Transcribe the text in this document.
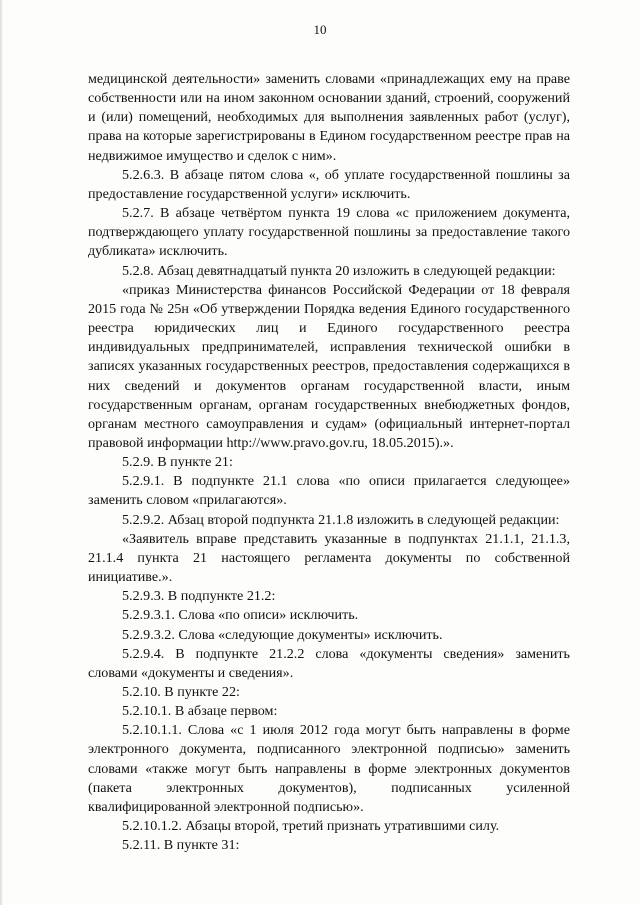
10

медицинской деятельности» заменить словами «принадлежащих ему на праве собственности или на ином законном основании зданий, строений, сооружений и (или) помещений, необходимых для выполнения заявленных работ (услуг), права на которые зарегистрированы в Едином государственном реестре прав на недвижимое имущество и сделок с ним».

5.2.6.3. В абзаце пятом слова «, об уплате государственной пошлины за предоставление государственной услуги» исключить.

5.2.7. В абзаце четвёртом пункта 19 слова «с приложением документа, подтверждающего уплату государственной пошлины за предоставление такого дубликата» исключить.

5.2.8. Абзац девятнадцатый пункта 20 изложить в следующей редакции:

«приказ Министерства финансов Российской Федерации от 18 февраля 2015 года № 25н «Об утверждении Порядка ведения Единого государственного реестра юридических лиц и Единого государственного реестра индивидуальных предпринимателей, исправления технической ошибки в записях указанных государственных реестров, предоставления содержащихся в них сведений и документов органам государственной власти, иным государственным органам, органам государственных внебюджетных фондов, органам местного самоуправления и судам» (официальный интернет-портал правовой информации http://www.pravo.gov.ru, 18.05.2015).».

5.2.9. В пункте 21:

5.2.9.1. В подпункте 21.1 слова «по описи прилагается следующее» заменить словом «прилагаются».

5.2.9.2. Абзац второй подпункта 21.1.8 изложить в следующей редакции:

«Заявитель вправе представить указанные в подпунктах 21.1.1, 21.1.3, 21.1.4 пункта 21 настоящего регламента документы по собственной инициативе.».

5.2.9.3. В подпункте 21.2:

5.2.9.3.1. Слова «по описи» исключить.

5.2.9.3.2. Слова «следующие документы» исключить.

5.2.9.4. В подпункте 21.2.2 слова «документы сведения» заменить словами «документы и сведения».

5.2.10. В пункте 22:

5.2.10.1. В абзаце первом:

5.2.10.1.1. Слова «с 1 июля 2012 года могут быть направлены в форме электронного документа, подписанного электронной подписью» заменить словами «также могут быть направлены в форме электронных документов (пакета электронных документов), подписанных усиленной квалифицированной электронной подписью».

5.2.10.1.2. Абзацы второй, третий признать утратившими силу.

5.2.11. В пункте 31:
